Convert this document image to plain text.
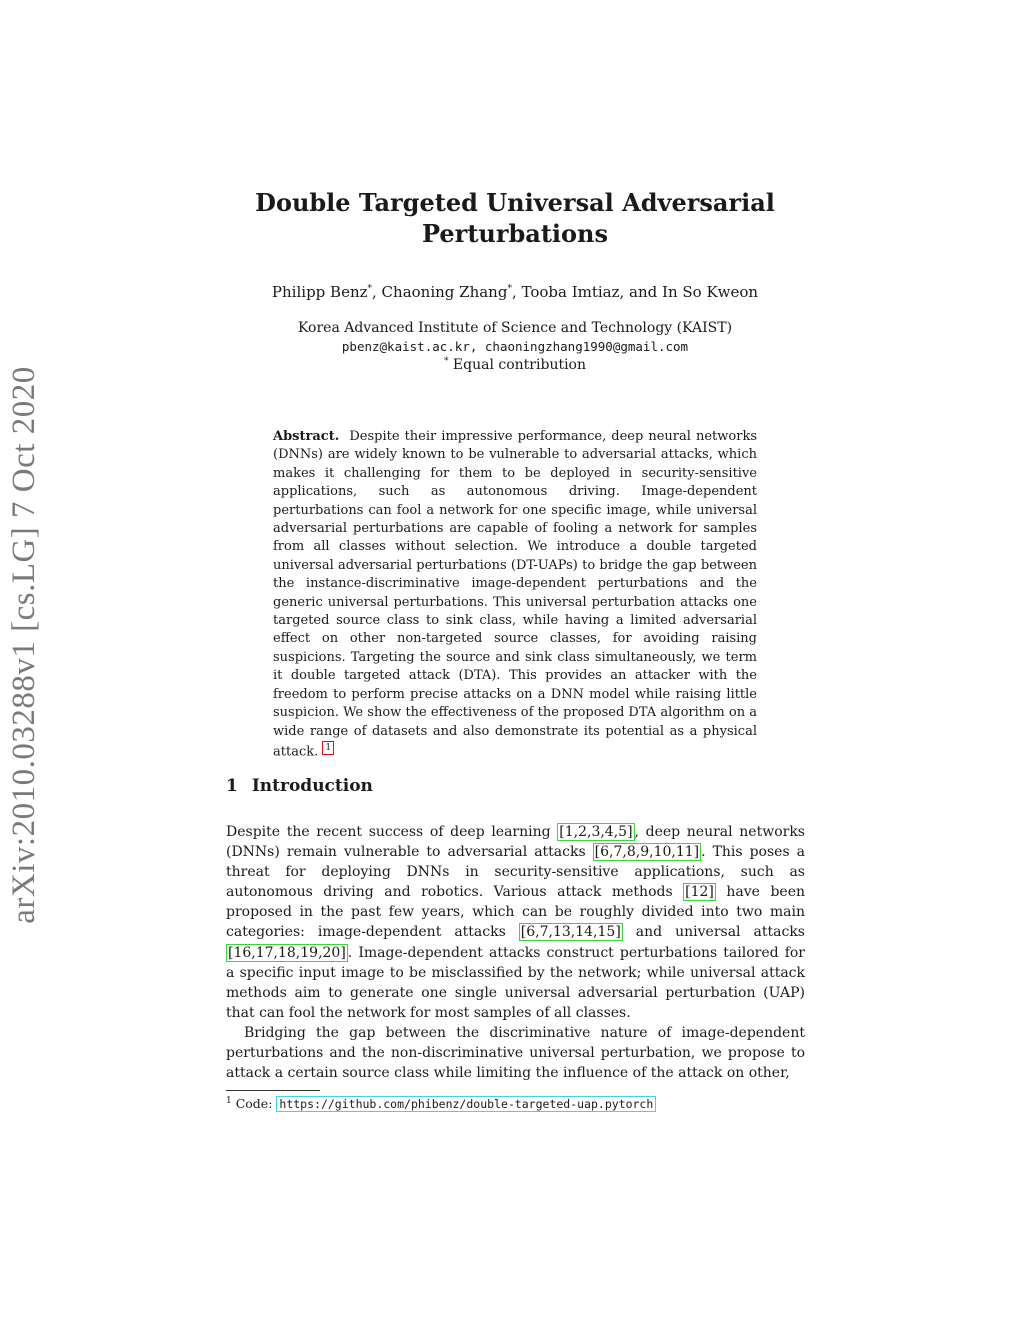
arXiv:2010.03288v1 [cs.LG] 7 Oct 2020
Double Targeted Universal Adversarial
Perturbations
Philipp Benz*, Chaoning Zhang*, Tooba Imtiaz, and In So Kweon
Korea Advanced Institute of Science and Technology (KAIST)
pbenz@kaist.ac.kr, chaoningzhang1990@gmail.com
* Equal contribution
Abstract. Despite their impressive performance, deep neural networks (DNNs) are widely known to be vulnerable to adversarial attacks, which makes it challenging for them to be deployed in security-sensitive applications, such as autonomous driving. Image-dependent perturbations can fool a network for one specific image, while universal adversarial perturbations are capable of fooling a network for samples from all classes without selection. We introduce a double targeted universal adversarial perturbations (DT-UAPs) to bridge the gap between the instance-discriminative image-dependent perturbations and the generic universal perturbations. This universal perturbation attacks one targeted source class to sink class, while having a limited adversarial effect on other non-targeted source classes, for avoiding raising suspicions. Targeting the source and sink class simultaneously, we term it double targeted attack (DTA). This provides an attacker with the freedom to perform precise attacks on a DNN model while raising little suspicion. We show the effectiveness of the proposed DTA algorithm on a wide range of datasets and also demonstrate its potential as a physical attack. 1
1 Introduction

Despite the recent success of deep learning [1,2,3,4,5] , deep neural networks (DNNs) remain vulnerable to adversarial attacks [6,7,8,9,10,11] . This poses a threat for deploying DNNs in security-sensitive applications, such as autonomous driving and robotics. Various attack methods [12] have been proposed in the past few years, which can be roughly divided into two main categories: image-dependent attacks [6,7,13,14,15] and universal attacks [16,17,18,19,20] . Image-dependent attacks construct perturbations tailored for a specific input image to be misclassified by the network; while universal attack methods aim to generate one single universal adversarial perturbation (UAP) that can fool the network for most samples of all classes.

Bridging the gap between the discriminative nature of image-dependent perturbations and the non-discriminative universal perturbation, we propose to attack a certain source class while limiting the influence of the attack on other,

$^1$ Code: https://github.com/phibenz/double-targeted-uap.pytorch
